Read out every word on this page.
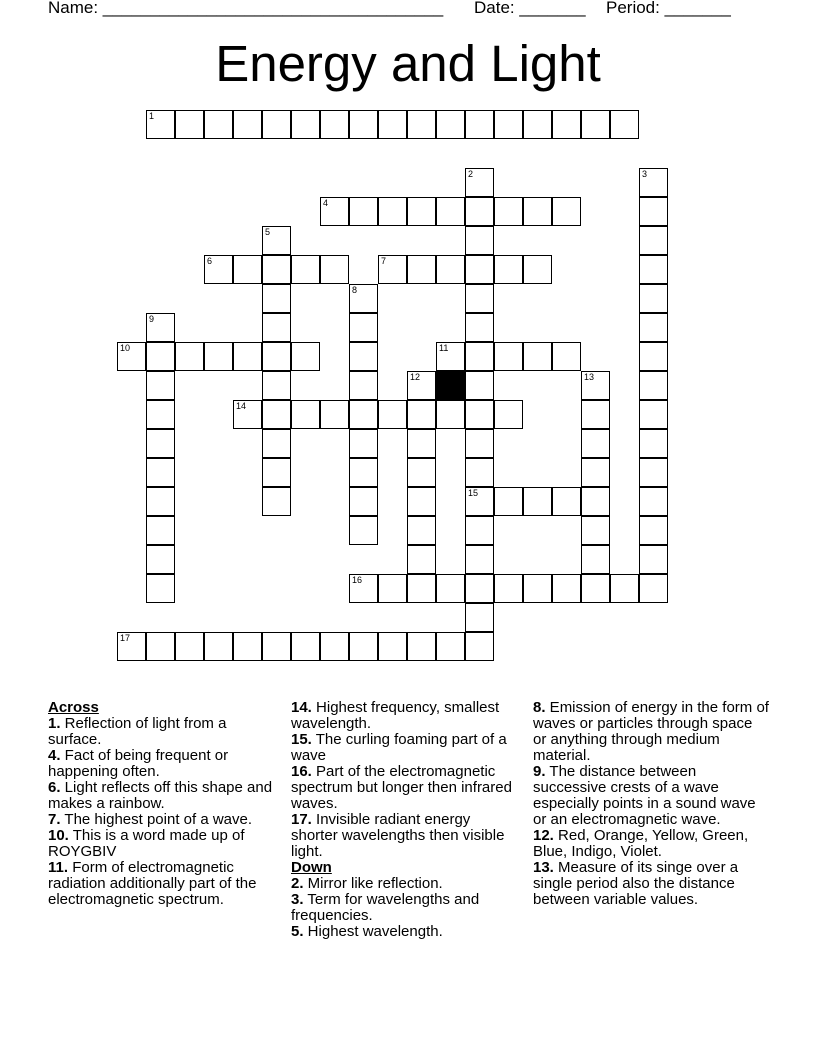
Name: ____________________________________ Date: _______ Period: _______
Energy and Light
1
4
6	7
10	11
14
15
16
17
2	3
5
8
9
12	13
Across
1. Reflection of light from a surface.
4. Fact of being frequent or happening often.
6. Light reflects off this shape and makes a rainbow.
7. The highest point of a wave.
10. This is a word made up of ROYGBIV
11. Form of electromagnetic radiation additionally part of the electromagnetic spectrum.
14. Highest frequency, smallest wavelength.
15. The curling foaming part of a wave
16. Part of the electromagnetic spectrum but longer then infrared waves.
17. Invisible radiant energy shorter wavelengths then visible light.
Down
2. Mirror like reflection.
3. Term for wavelengths and frequencies.
5. Highest wavelength.
8. Emission of energy in the form of waves or particles through space or anything through medium material.
9. The distance between successive crests of a wave especially points in a sound wave or an electromagnetic wave.
12. Red, Orange, Yellow, Green, Blue, Indigo, Violet.
13. Measure of its singe over a single period also the distance between variable values.
